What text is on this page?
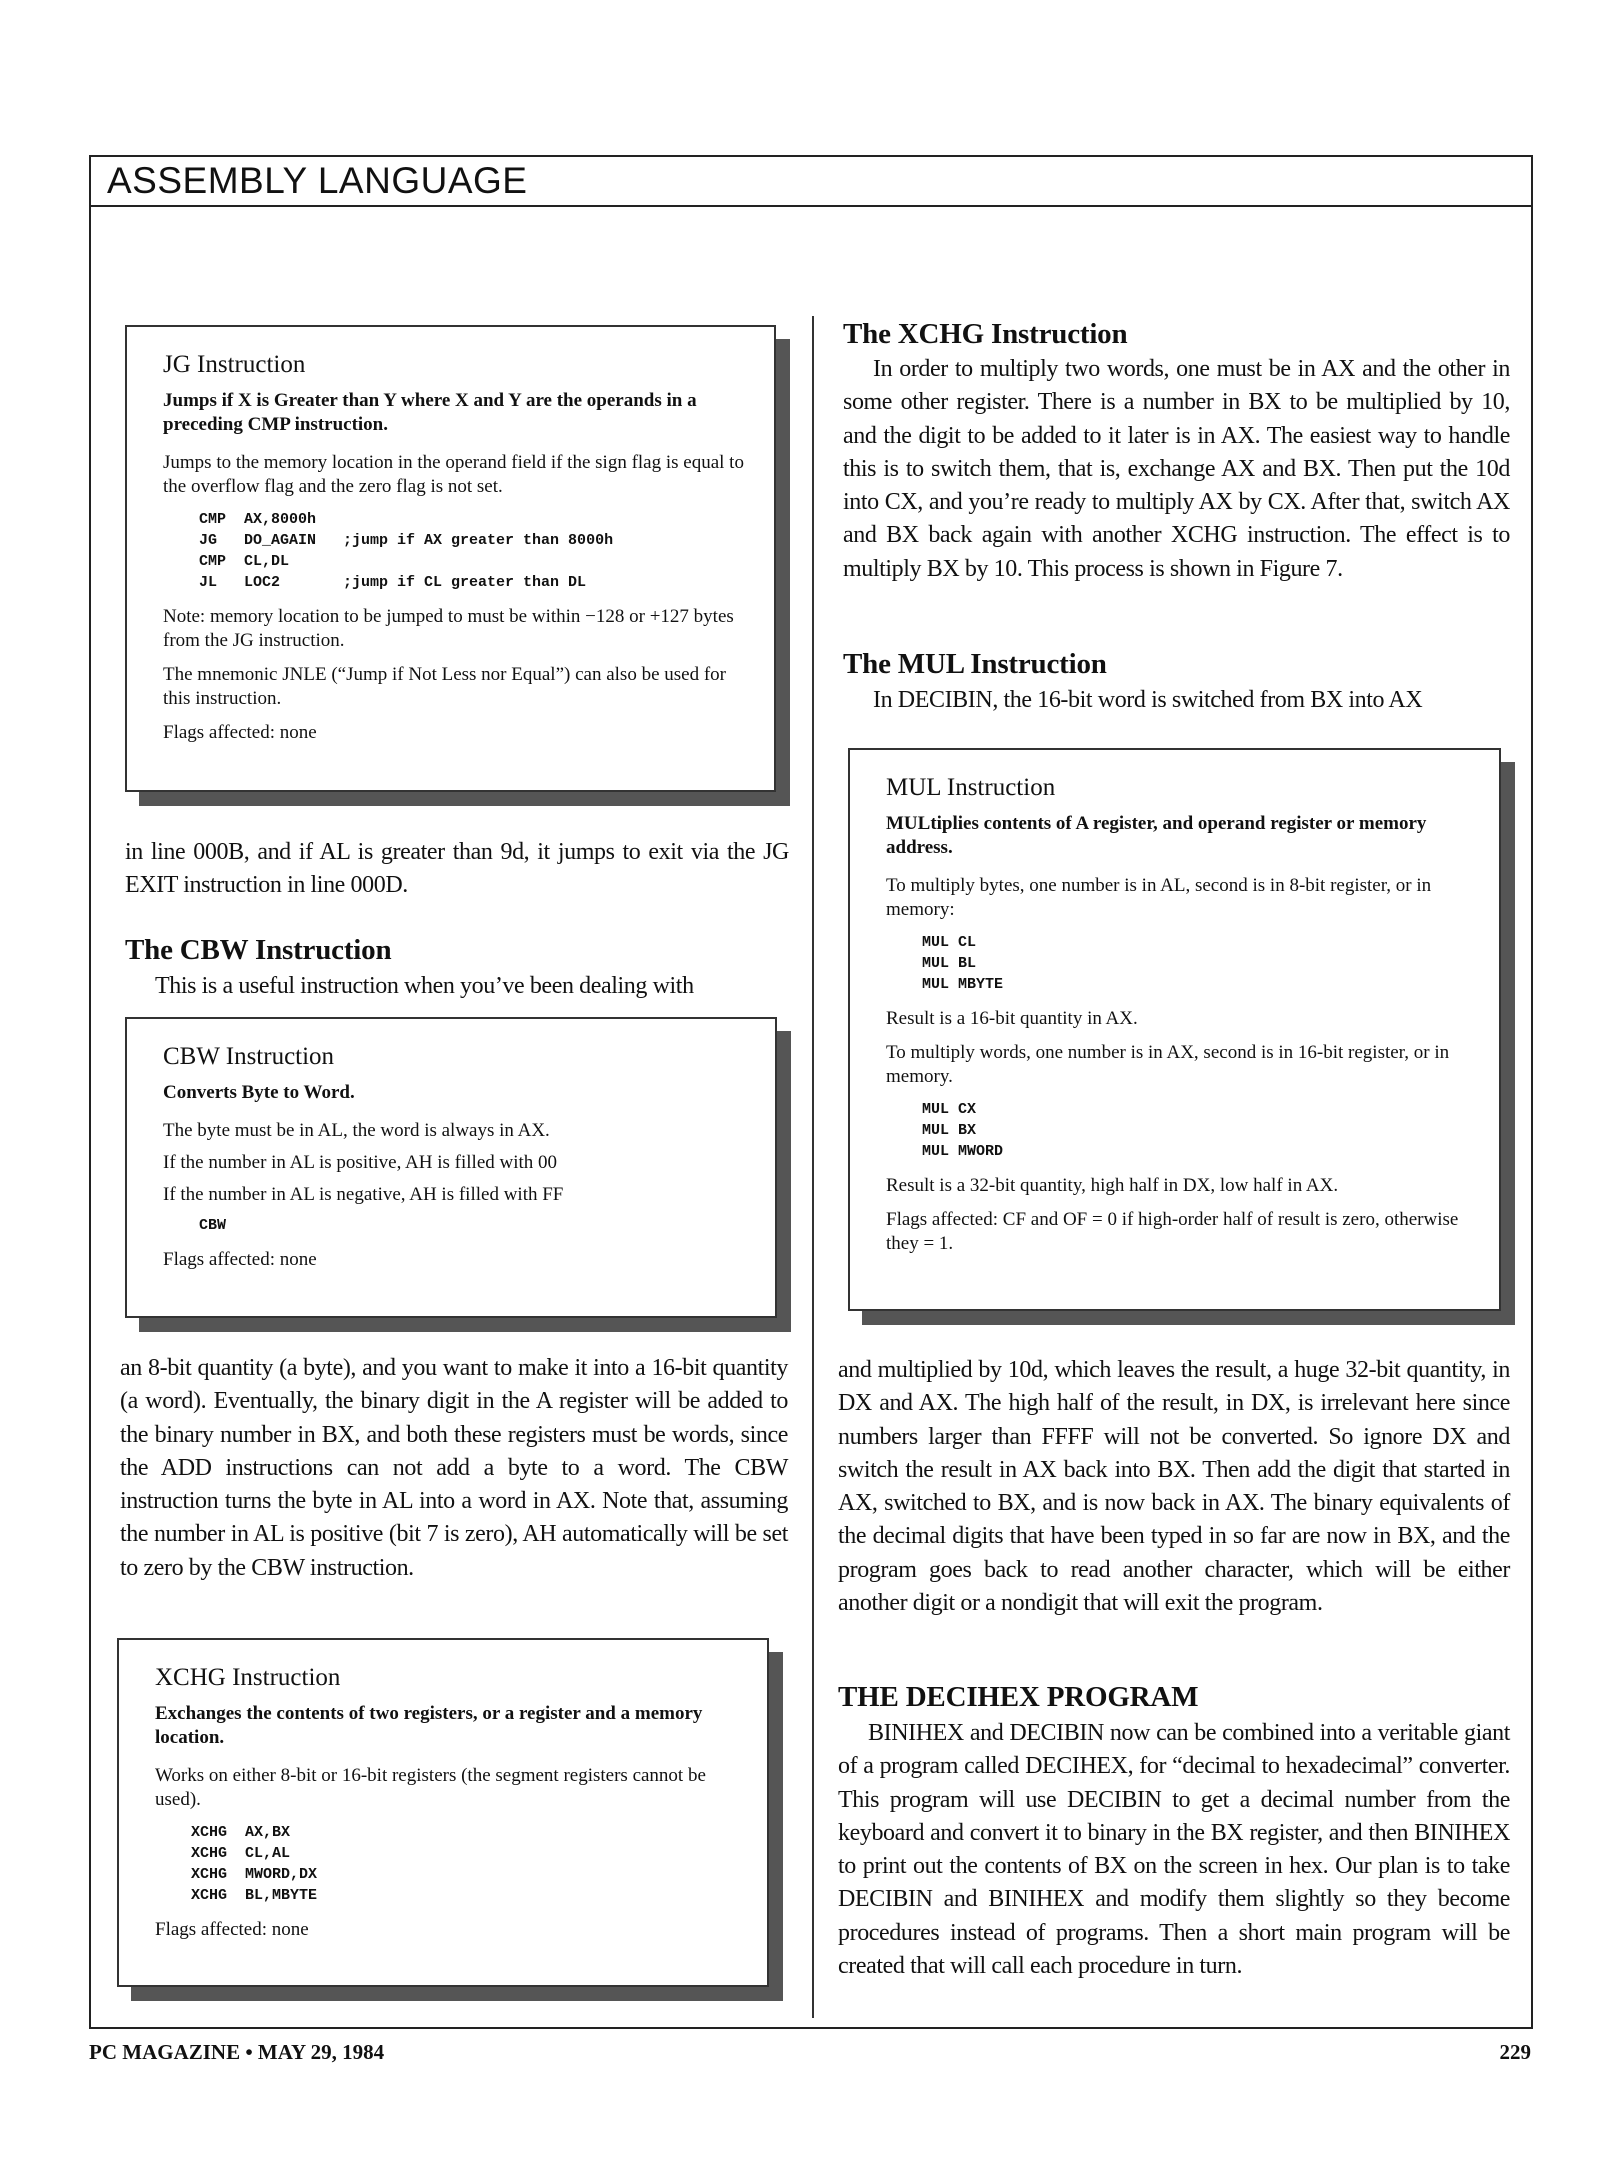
ASSEMBLY LANGUAGE

JG Instruction

Jumps if X is Greater than Y where X and Y are the operands in a preceding CMP instruction.

Jumps to the memory location in the operand field if the sign flag is equal to the overflow flag and the zero flag is not set.

CMP  AX,8000h
JG   DO_AGAIN   ;jump if AX greater than 8000h
CMP  CL,DL
JL   LOC2       ;jump if CL greater than DL

Note: memory location to be jumped to must be within −128 or +127 bytes from the JG instruction.

The mnemonic JNLE (“Jump if Not Less nor Equal”) can also be used for this instruction.

Flags affected: none

in line 000B, and if AL is greater than 9d, it jumps to exit via the JG EXIT instruction in line 000D.

The CBW Instruction

This is a useful instruction when you’ve been dealing with

CBW Instruction

Converts Byte to Word.

The byte must be in AL, the word is always in AX.

If the number in AL is positive, AH is filled with 00

If the number in AL is negative, AH is filled with FF

CBW

Flags affected: none

an 8-bit quantity (a byte), and you want to make it into a 16-bit quantity (a word). Eventually, the binary digit in the A register will be added to the binary number in BX, and both these registers must be words, since the ADD instructions can not add a byte to a word. The CBW instruction turns the byte in AL into a word in AX. Note that, assuming the number in AL is positive (bit 7 is zero), AH automatically will be set to zero by the CBW instruction.

XCHG Instruction

Exchanges the contents of two registers, or a register and a memory location.

Works on either 8-bit or 16-bit registers (the segment registers cannot be used).

XCHG  AX,BX
XCHG  CL,AL
XCHG  MWORD,DX
XCHG  BL,MBYTE

Flags affected: none

The XCHG Instruction

In order to multiply two words, one must be in AX and the other in some other register. There is a number in BX to be multiplied by 10, and the digit to be added to it later is in AX. The easiest way to handle this is to switch them, that is, exchange AX and BX. Then put the 10d into CX, and you’re ready to multiply AX by CX. After that, switch AX and BX back again with another XCHG instruction. The effect is to multiply BX by 10. This process is shown in Figure 7.

The MUL Instruction

In DECIBIN, the 16-bit word is switched from BX into AX

MUL Instruction

MULtiplies contents of A register, and operand register or memory address.

To multiply bytes, one number is in AL, second is in 8-bit register, or in memory:

MUL CL
MUL BL
MUL MBYTE

Result is a 16-bit quantity in AX.

To multiply words, one number is in AX, second is in 16-bit register, or in memory.

MUL CX
MUL BX
MUL MWORD

Result is a 32-bit quantity, high half in DX, low half in AX.

Flags affected: CF and OF = 0 if high-order half of result is zero, otherwise they = 1.

and multiplied by 10d, which leaves the result, a huge 32-bit quantity, in DX and AX. The high half of the result, in DX, is irrelevant here since numbers larger than FFFF will not be converted. So ignore DX and switch the result in AX back into BX. Then add the digit that started in AX, switched to BX, and is now back in AX. The binary equivalents of the decimal digits that have been typed in so far are now in BX, and the program goes back to read another character, which will be either another digit or a nondigit that will exit the program.

THE DECIHEX PROGRAM

BINIHEX and DECIBIN now can be combined into a veritable giant of a program called DECIHEX, for “decimal to hexadecimal” converter. This program will use DECIBIN to get a decimal number from the keyboard and convert it to binary in the BX register, and then BINIHEX to print out the contents of BX on the screen in hex. Our plan is to take DECIBIN and BINIHEX and modify them slightly so they become procedures instead of programs. Then a short main program will be created that will call each procedure in turn.

PC MAGAZINE • MAY 29, 1984	229
